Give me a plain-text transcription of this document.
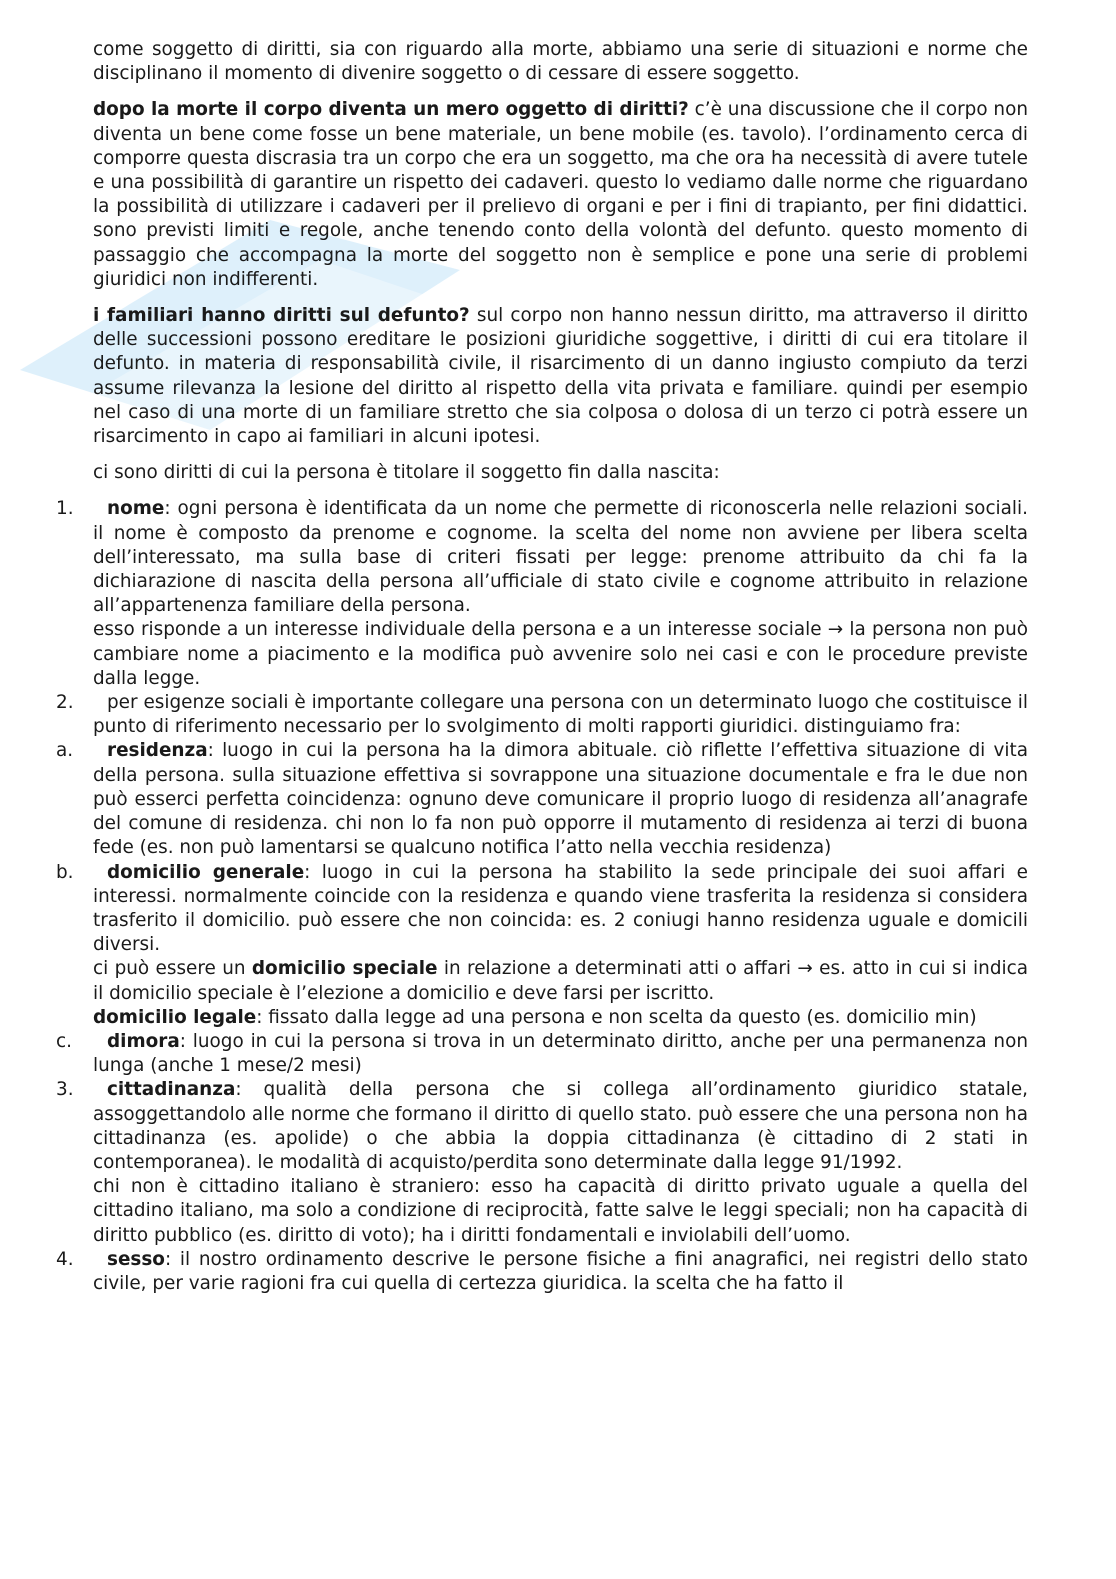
come soggetto di diritti, sia con riguardo alla morte, abbiamo una serie di situazioni e norme che disciplinano il momento di divenire soggetto o di cessare di essere soggetto.

dopo la morte il corpo diventa un mero oggetto di diritti? c’è una discussione che il corpo non diventa un bene come fosse un bene materiale, un bene mobile (es. tavolo). l’ordinamento cerca di comporre questa discrasia tra un corpo che era un soggetto, ma che ora ha necessità di avere tutele e una possibilità di garantire un rispetto dei cadaveri. questo lo vediamo dalle norme che riguardano la possibilità di utilizzare i cadaveri per il prelievo di organi e per i fini di trapianto, per fini didattici. sono previsti limiti e regole, anche tenendo conto della volontà del defunto. questo momento di passaggio che accompagna la morte del soggetto non è semplice e pone una serie di problemi giuridici non indifferenti.

i familiari hanno diritti sul defunto? sul corpo non hanno nessun diritto, ma attraverso il diritto delle successioni possono ereditare le posizioni giuridiche soggettive, i diritti di cui era titolare il defunto. in materia di responsabilità civile, il risarcimento di un danno ingiusto compiuto da terzi assume rilevanza la lesione del diritto al rispetto della vita privata e familiare. quindi per esempio nel caso di una morte di un familiare stretto che sia colposa o dolosa di un terzo ci potrà essere un risarcimento in capo ai familiari in alcuni ipotesi.

ci sono diritti di cui la persona è titolare il soggetto fin dalla nascita:

1. nome: ogni persona è identificata da un nome che permette di riconoscerla nelle relazioni sociali. il nome è composto da prenome e cognome. la scelta del nome non avviene per libera scelta dell’interessato, ma sulla base di criteri fissati per legge: prenome attribuito da chi fa la dichiarazione di nascita della persona all’ufficiale di stato civile e cognome attribuito in relazione all’appartenenza familiare della persona.
esso risponde a un interesse individuale della persona e a un interesse sociale → la persona non può cambiare nome a piacimento e la modifica può avvenire solo nei casi e con le procedure previste dalla legge.
2. per esigenze sociali è importante collegare una persona con un determinato luogo che costituisce il punto di riferimento necessario per lo svolgimento di molti rapporti giuridici. distinguiamo fra:
a. residenza: luogo in cui la persona ha la dimora abituale. ciò riflette l’effettiva situazione di vita della persona. sulla situazione effettiva si sovrappone una situazione documentale e fra le due non può esserci perfetta coincidenza: ognuno deve comunicare il proprio luogo di residenza all’anagrafe del comune di residenza. chi non lo fa non può opporre il mutamento di residenza ai terzi di buona fede (es. non può lamentarsi se qualcuno notifica l’atto nella vecchia residenza)
b. domicilio generale: luogo in cui la persona ha stabilito la sede principale dei suoi affari e interessi. normalmente coincide con la residenza e quando viene trasferita la residenza si considera trasferito il domicilio. può essere che non coincida: es. 2 coniugi hanno residenza uguale e domicili diversi.
ci può essere un domicilio speciale in relazione a determinati atti o affari → es. atto in cui si indica il domicilio speciale è l’elezione a domicilio e deve farsi per iscritto.
domicilio legale: fissato dalla legge ad una persona e non scelta da questo (es. domicilio min)
c. dimora: luogo in cui la persona si trova in un determinato diritto, anche per una permanenza non lunga (anche 1 mese/2 mesi)
3. cittadinanza: qualità della persona che si collega all’ordinamento giuridico statale, assoggettandolo alle norme che formano il diritto di quello stato. può essere che una persona non ha cittadinanza (es. apolide) o che abbia la doppia cittadinanza (è cittadino di 2 stati in contemporanea). le modalità di acquisto/perdita sono determinate dalla legge 91/1992.
chi non è cittadino italiano è straniero: esso ha capacità di diritto privato uguale a quella del cittadino italiano, ma solo a condizione di reciprocità, fatte salve le leggi speciali; non ha capacità di diritto pubblico (es. diritto di voto); ha i diritti fondamentali e inviolabili dell’uomo.
4. sesso: il nostro ordinamento descrive le persone fisiche a fini anagrafici, nei registri dello stato civile, per varie ragioni fra cui quella di certezza giuridica. la scelta che ha fatto il
